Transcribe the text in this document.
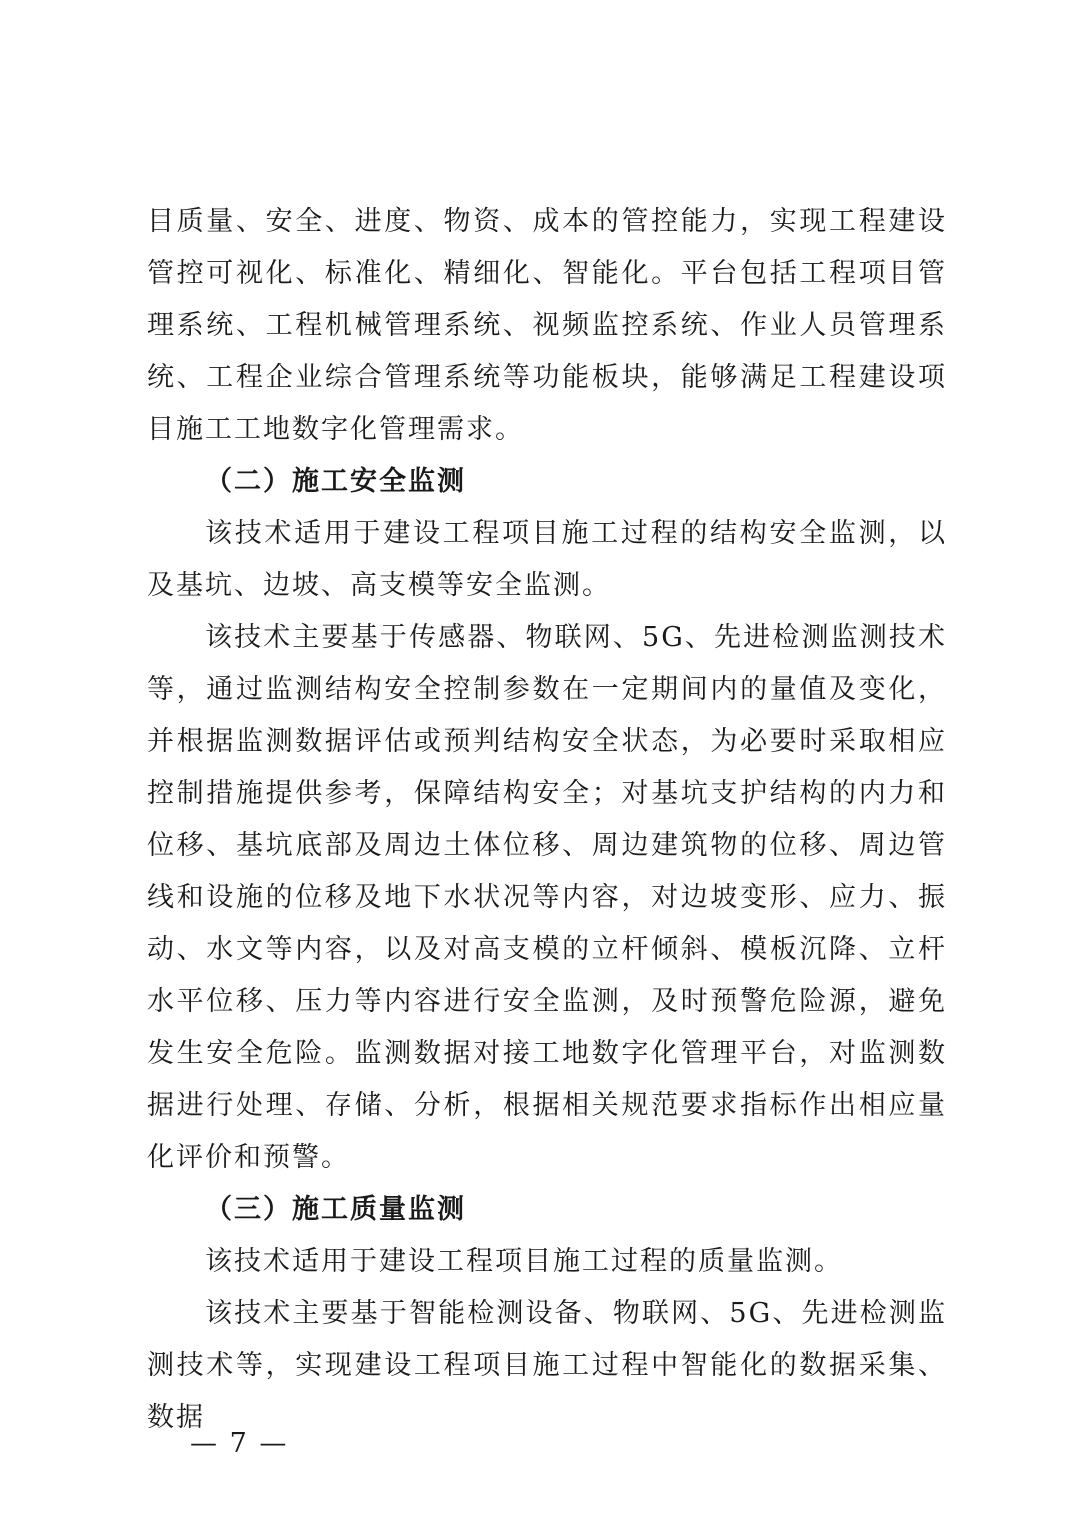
目质量、安全、进度、物资、成本的管控能力，实现工程建设管控可视化、标准化、精细化、智能化。平台包括工程项目管理系统、工程机械管理系统、视频监控系统、作业人员管理系统、工程企业综合管理系统等功能板块，能够满足工程建设项目施工工地数字化管理需求。

（二）施工安全监测

该技术适用于建设工程项目施工过程的结构安全监测，以及基坑、边坡、高支模等安全监测。

该技术主要基于传感器、物联网、5G、先进检测监测技术等，通过监测结构安全控制参数在一定期间内的量值及变化，并根据监测数据评估或预判结构安全状态，为必要时采取相应控制措施提供参考，保障结构安全；对基坑支护结构的内力和位移、基坑底部及周边土体位移、周边建筑物的位移、周边管线和设施的位移及地下水状况等内容，对边坡变形、应力、振动、水文等内容，以及对高支模的立杆倾斜、模板沉降、立杆水平位移、压力等内容进行安全监测，及时预警危险源，避免发生安全危险。监测数据对接工地数字化管理平台，对监测数据进行处理、存储、分析，根据相关规范要求指标作出相应量化评价和预警。

（三）施工质量监测

该技术适用于建设工程项目施工过程的质量监测。

该技术主要基于智能检测设备、物联网、5G、先进检测监测技术等，实现建设工程项目施工过程中智能化的数据采集、数据

— 7 —
